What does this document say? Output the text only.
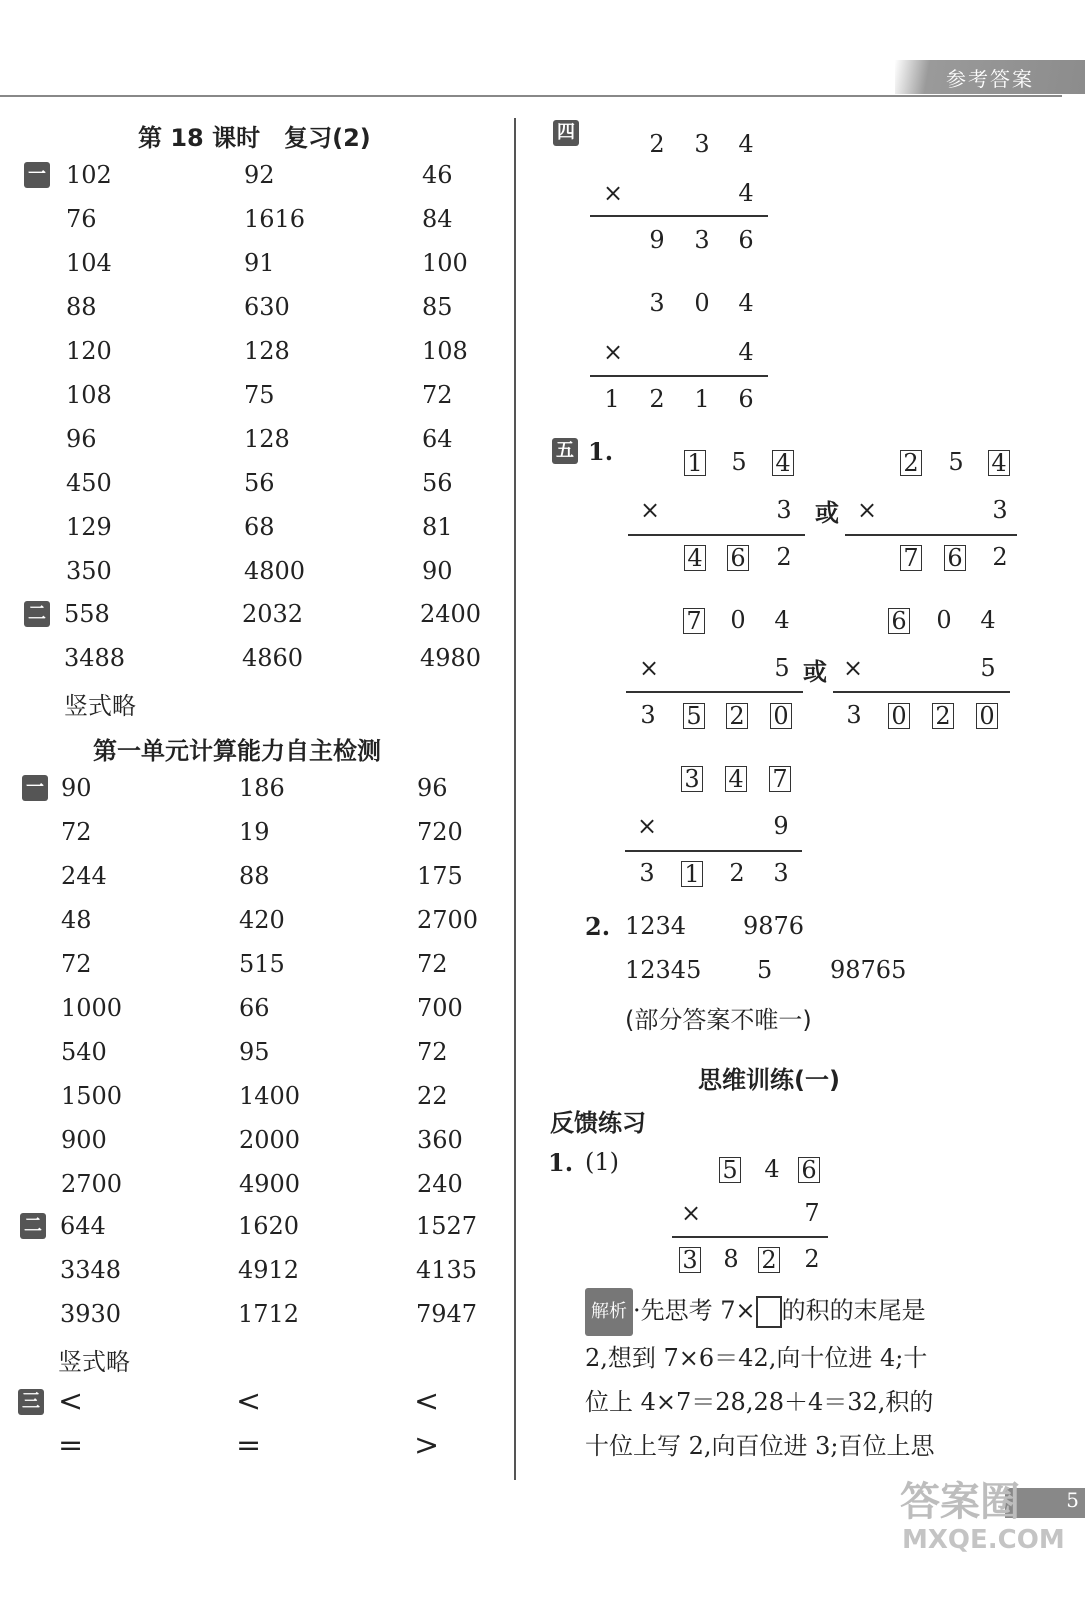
参考答案
第 18 课时　复习(2)
一 102	92	46
76	1616	84
104	91	100
88	630	85
120	128	108
108	75	72
96	128	64
450	56	56
129	68	81
350	4800	90
二 558	2032	2400
3488	4860	4980
竖式略
第一单元计算能力自主检测
一 90	186	96
72	19	720
244	88	175
48	420	2700
72	515	72
1000	66	700
540	95	72
1500	1400	22
900	2000	360
2700	4900	240
二 644	1620	1527
3348	4912	4135
3930	1712	7947
竖式略
三 <	<	<
=	=	>
四	2	3	4
×	4
9	3	6
3	0	4
×	4
1	2	1	6
五 1.	1	5	4
×	3
4 6	2
或
2	5	4
×	3
7 6	2
7	0	4
×	5
3	5 2 0
或
6	0	4
×	5
3	0 2 0
3 4 7
×	9
3	1	2	3
2. 1234 9876
12345 5 98765
(部分答案不唯一)
思维训练(一)
反馈练习
1. (1)	5	4 6
×	7
3	8 2	2
解析 ·先思考 7× 的积的末尾是
2,想到 7×6＝42,向十位进 4;十
位上 4×7＝28,28＋4＝32,积的
十位上写 2,向百位进 3;百位上思
5
答案圈
MXQE.COM
